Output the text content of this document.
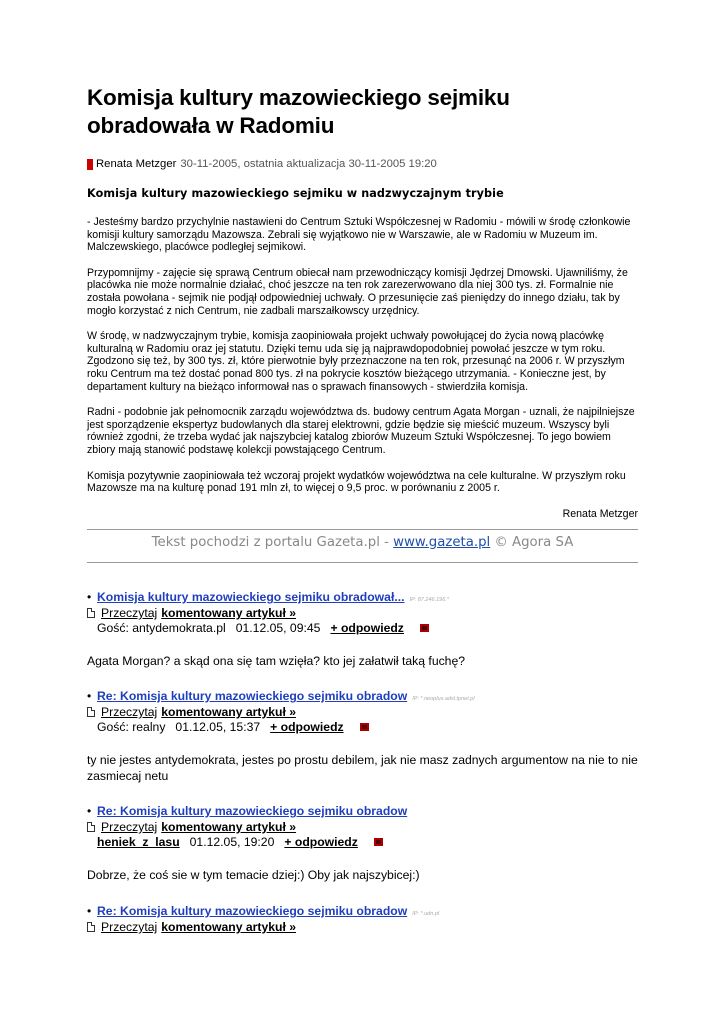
Komisja kultury mazowieckiego sejmiku obradowała w Radomiu
Renata Metzger 30-11-2005, ostatnia aktualizacja 30-11-2005 19:20
Komisja kultury mazowieckiego sejmiku w nadzwyczajnym trybie

- Jesteśmy bardzo przychylnie nastawieni do Centrum Sztuki Współczesnej w Radomiu - mówili w środę członkowie komisji kultury samorządu Mazowsza. Zebrali się wyjątkowo nie w Warszawie, ale w Radomiu w Muzeum im. Malczewskiego, placówce podległej sejmikowi.

Przypomnijmy - zajęcie się sprawą Centrum obiecał nam przewodniczący komisji Jędrzej Dmowski. Ujawniliśmy, że placówka nie może normalnie działać, choć jeszcze na ten rok zarezerwowano dla niej 300 tys. zł. Formalnie nie została powołana - sejmik nie podjął odpowiedniej uchwały. O przesunięcie zaś pieniędzy do innego działu, tak by mogło korzystać z nich Centrum, nie zadbali marszałkowscy urzędnicy.

W środę, w nadzwyczajnym trybie, komisja zaopiniowała projekt uchwały powołującej do życia nową placówkę kulturalną w Radomiu oraz jej statutu. Dzięki temu uda się ją najprawdopodobniej powołać jeszcze w tym roku. Zgodzono się też, by 300 tys. zł, które pierwotnie były przeznaczone na ten rok, przesunąć na 2006 r. W przyszłym roku Centrum ma też dostać ponad 800 tys. zł na pokrycie kosztów bieżącego utrzymania. - Konieczne jest, by departament kultury na bieżąco informował nas o sprawach finansowych - stwierdziła komisja.

Radni - podobnie jak pełnomocnik zarządu województwa ds. budowy centrum Agata Morgan - uznali, że najpilniejsze jest sporządzenie ekspertyz budowlanych dla starej elektrowni, gdzie będzie się mieścić muzeum. Wszyscy byli również zgodni, że trzeba wydać jak najszybciej katalog zbiorów Muzeum Sztuki Współczesnej. To jego bowiem zbiory mają stanowić podstawę kolekcji powstającego Centrum.

Komisja pozytywnie zaopiniowała też wczoraj projekt wydatków województwa na cele kulturalne. W przyszłym roku Mazowsze ma na kulturę ponad 191 mln zł, to więcej o 9,5 proc. w porównaniu z 2005 r.

Renata Metzger
Tekst pochodzi z portalu Gazeta.pl - www.gazeta.pl © Agora SA
• Komisja kultury mazowieckiego sejmiku obradował... IP: 87.246.196.*
Przeczytaj komentowany artykuł »
Gość: antydemokrata.pl 01.12.05, 09:45 + odpowiedz
Agata Morgan? a skąd ona się tam wzięła? kto jej załatwił taką fuchę?
• Re: Komisja kultury mazowieckiego sejmiku obradow IP: *.neoplus.adsl.tpnet.pl
Przeczytaj komentowany artykuł »
Gość: realny 01.12.05, 15:37 + odpowiedz
ty nie jestes antydemokrata, jestes po prostu debilem, jak nie masz zadnych argumentow na nie to nie zasmiecaj netu
• Re: Komisja kultury mazowieckiego sejmiku obradow
Przeczytaj komentowany artykuł »
heniek_z_lasu 01.12.05, 19:20 + odpowiedz
Dobrze, że coś sie w tym temacie dziej:) Oby jak najszybicej:)
• Re: Komisja kultury mazowieckiego sejmiku obradow IP: *.udn.pl
Przeczytaj komentowany artykuł »
